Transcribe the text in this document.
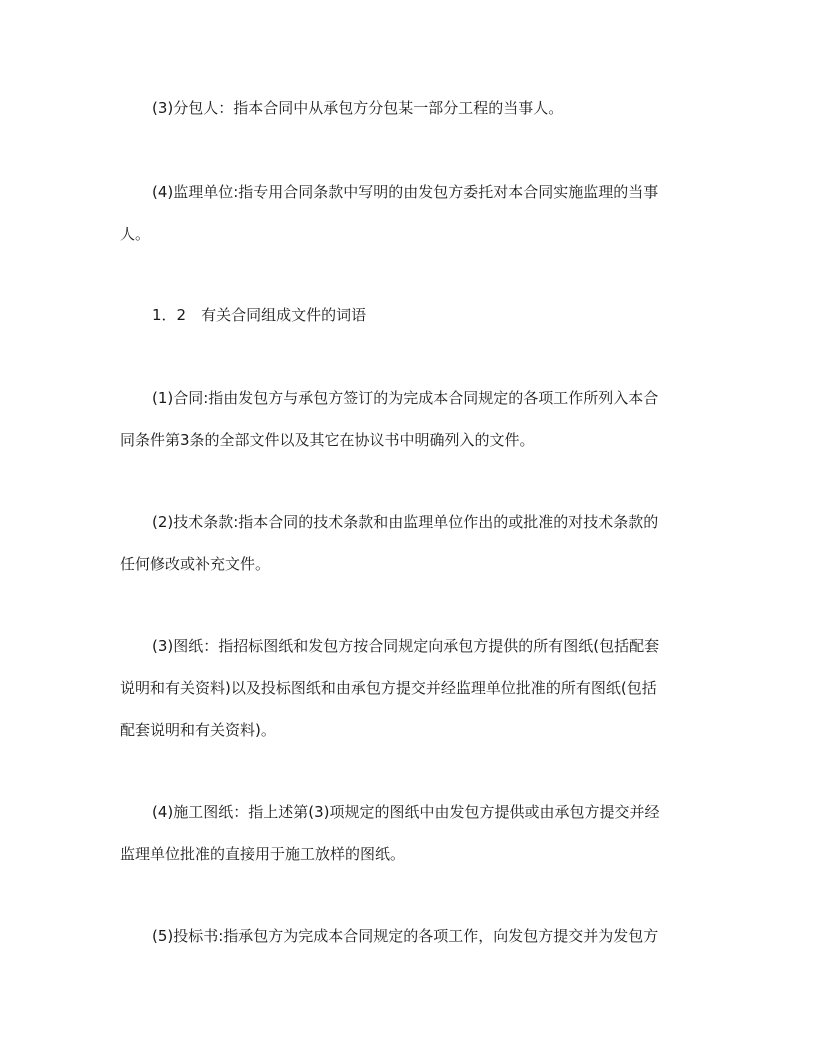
(3)分包人：指本合同中从承包方分包某一部分工程的当事人。
(4)监理单位:指专用合同条款中写明的由发包方委托对本合同实施监理的当事
人。
1．2　有关合同组成文件的词语
(1)合同:指由发包方与承包方签订的为完成本合同规定的各项工作所列入本合
同条件第3条的全部文件以及其它在协议书中明确列入的文件。
(2)技术条款:指本合同的技术条款和由监理单位作出的或批准的对技术条款的
任何修改或补充文件。
(3)图纸：指招标图纸和发包方按合同规定向承包方提供的所有图纸(包括配套
说明和有关资料)以及投标图纸和由承包方提交并经监理单位批准的所有图纸(包括
配套说明和有关资料)。
(4)施工图纸：指上述第(3)项规定的图纸中由发包方提供或由承包方提交并经
监理单位批准的直接用于施工放样的图纸。
(5)投标书:指承包方为完成本合同规定的各项工作，向发包方提交并为发包方
